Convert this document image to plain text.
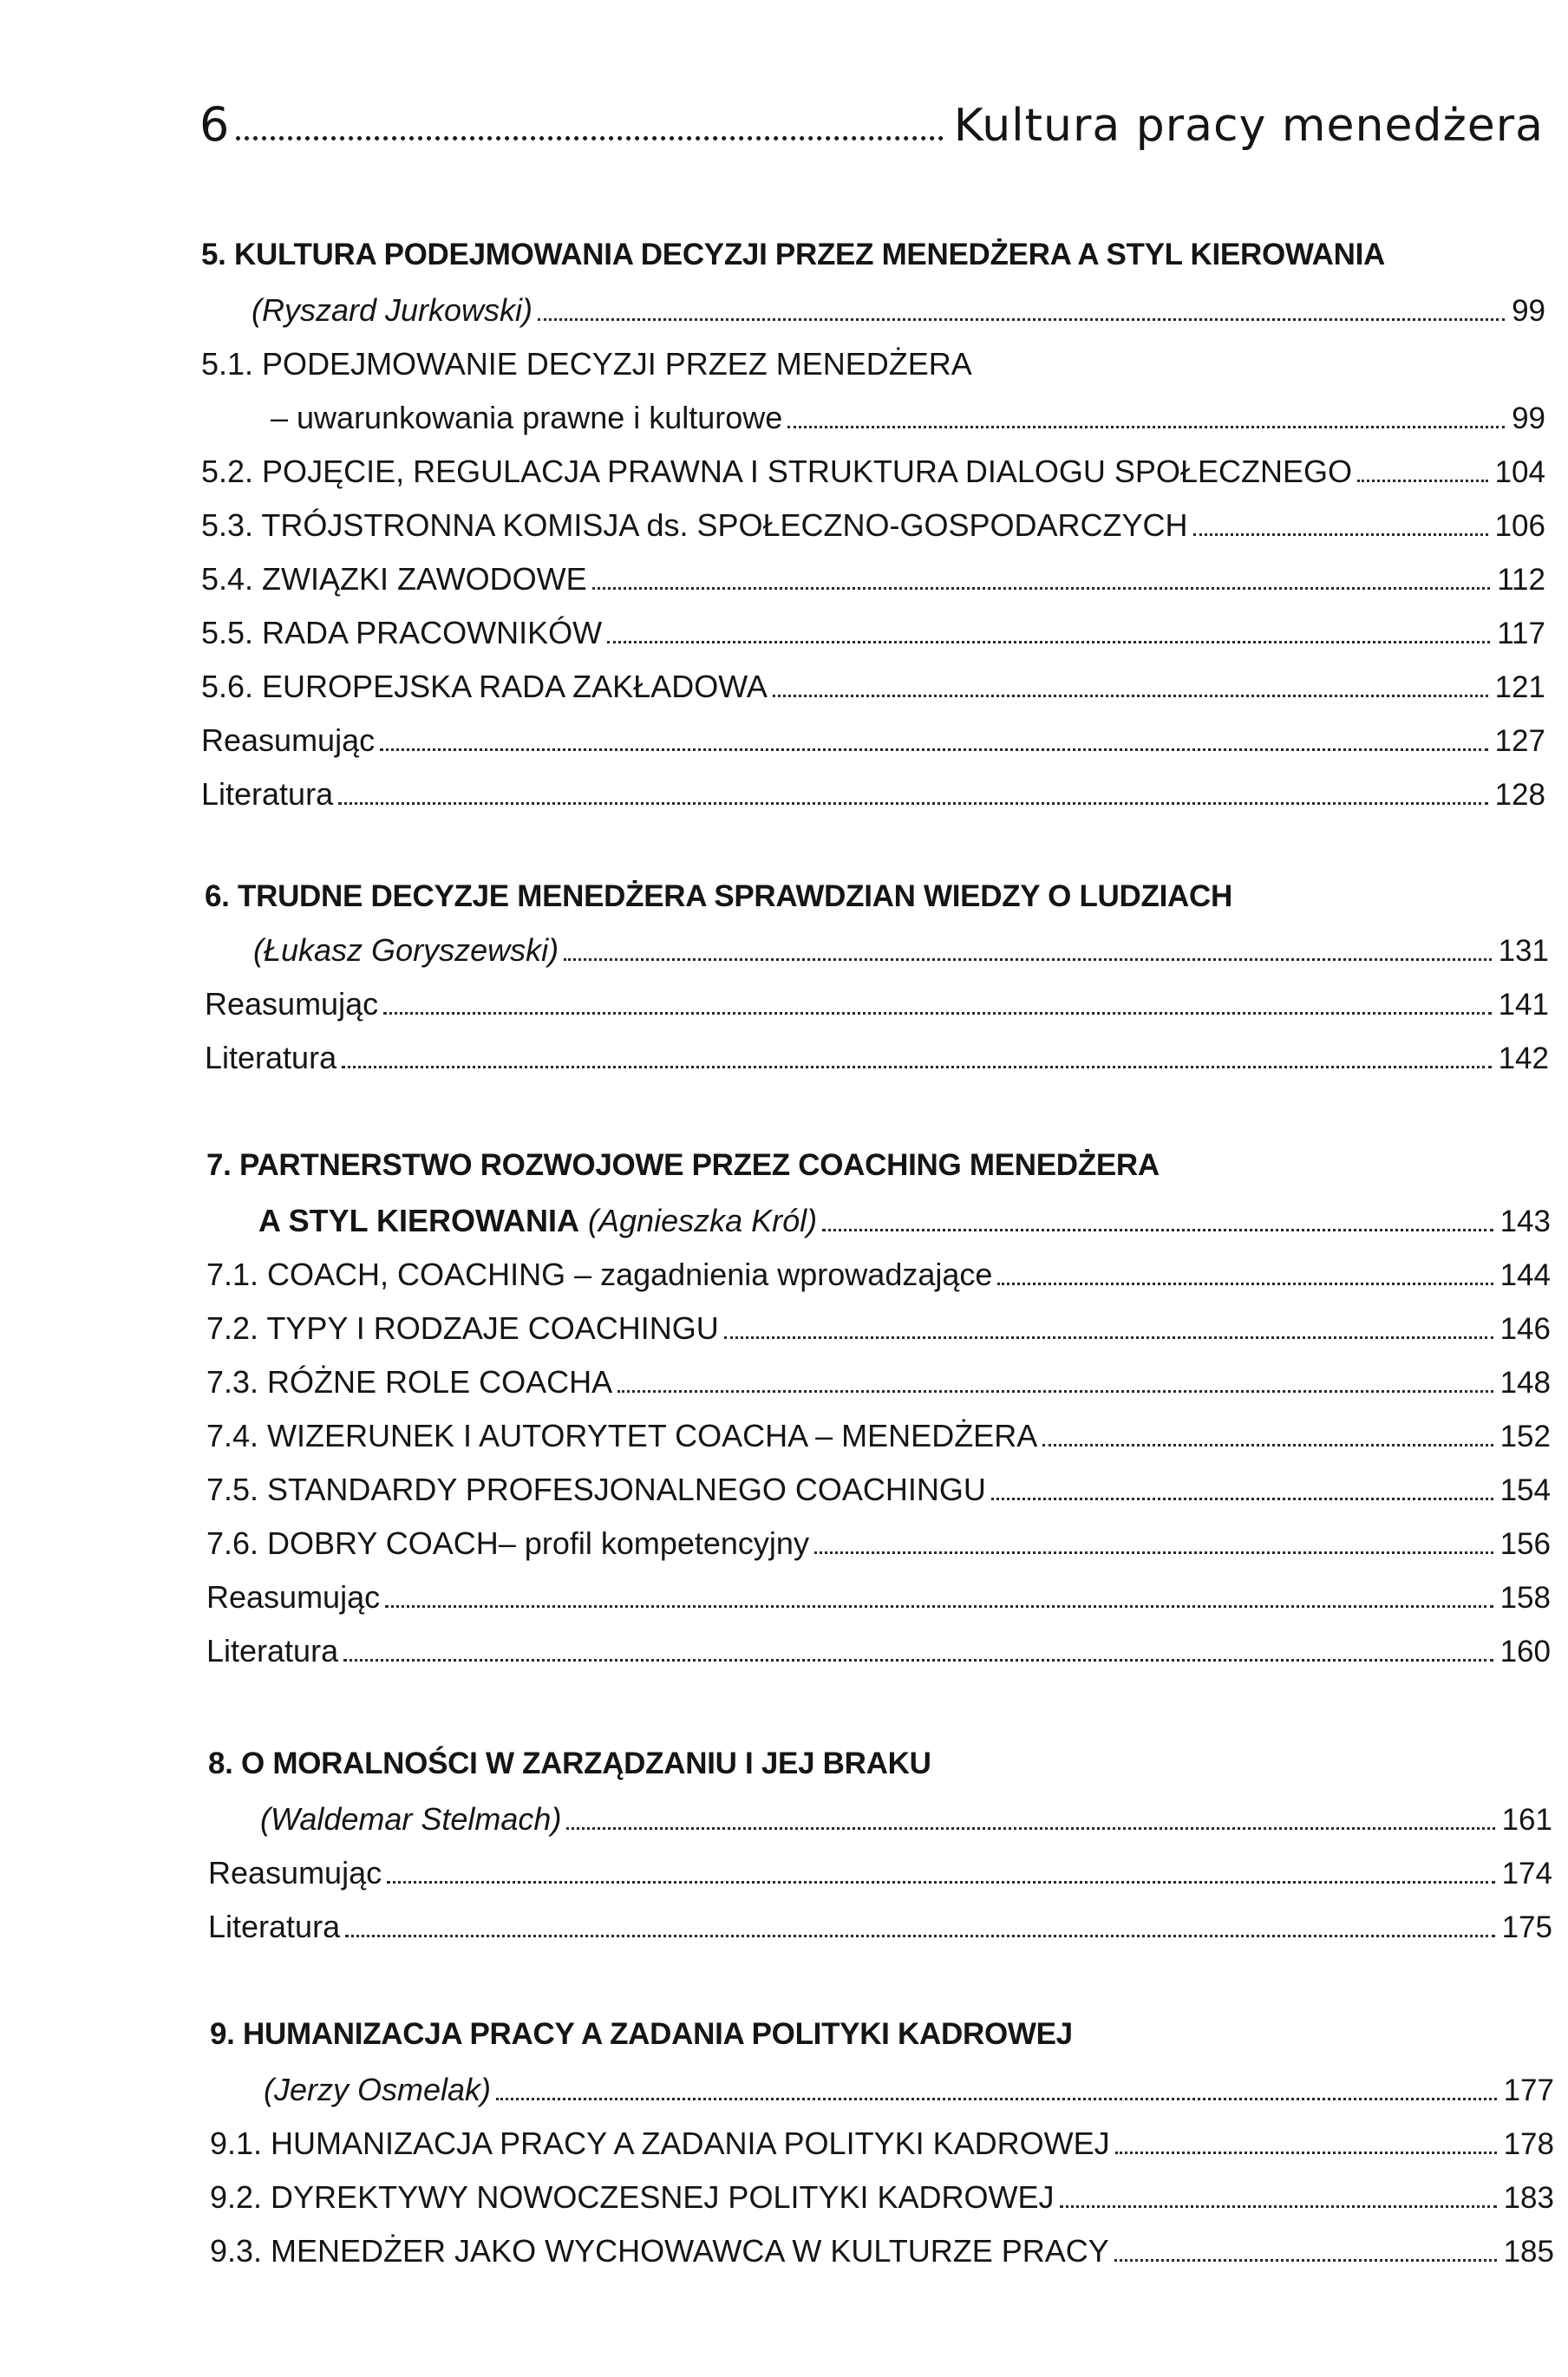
6	Kultura pracy menedżera
5. KULTURA PODEJMOWANIA DECYZJI PRZEZ MENEDŻERA A STYL KIEROWANIA
(Ryszard Jurkowski)	99
5.1. PODEJMOWANIE DECYZJI PRZEZ MENEDŻERA
– uwarunkowania prawne i kulturowe	99
5.2. POJĘCIE, REGULACJA PRAWNA I STRUKTURA DIALOGU SPOŁECZNEGO	104
5.3. TRÓJSTRONNA KOMISJA ds. SPOŁECZNO-GOSPODARCZYCH	106
5.4. ZWIĄZKI ZAWODOWE	112
5.5. RADA PRACOWNIKÓW	117
5.6. EUROPEJSKA RADA ZAKŁADOWA	121
Reasumując	127
Literatura	128
6. TRUDNE DECYZJE MENEDŻERA SPRAWDZIAN WIEDZY O LUDZIACH
(Łukasz Goryszewski)	131
Reasumując	141
Literatura	142
7. PARTNERSTWO ROZWOJOWE PRZEZ COACHING MENEDŻERA
A STYL KIEROWANIA (Agnieszka Król)	143
7.1. COACH, COACHING – zagadnienia wprowadzające	144
7.2. TYPY I RODZAJE COACHINGU	146
7.3. RÓŻNE ROLE COACHA	148
7.4. WIZERUNEK I AUTORYTET COACHA – MENEDŻERA	152
7.5. STANDARDY PROFESJONALNEGO COACHINGU	154
7.6. DOBRY COACH– profil kompetencyjny	156
Reasumując	158
Literatura	160
8. O MORALNOŚCI W ZARZĄDZANIU I JEJ BRAKU
(Waldemar Stelmach)	161
Reasumując	174
Literatura	175
9. HUMANIZACJA PRACY A ZADANIA POLITYKI KADROWEJ
(Jerzy Osmelak)	177
9.1. HUMANIZACJA PRACY A ZADANIA POLITYKI KADROWEJ	178
9.2. DYREKTYWY NOWOCZESNEJ POLITYKI KADROWEJ	183
9.3. MENEDŻER JAKO WYCHOWAWCA W KULTURZE PRACY	185
